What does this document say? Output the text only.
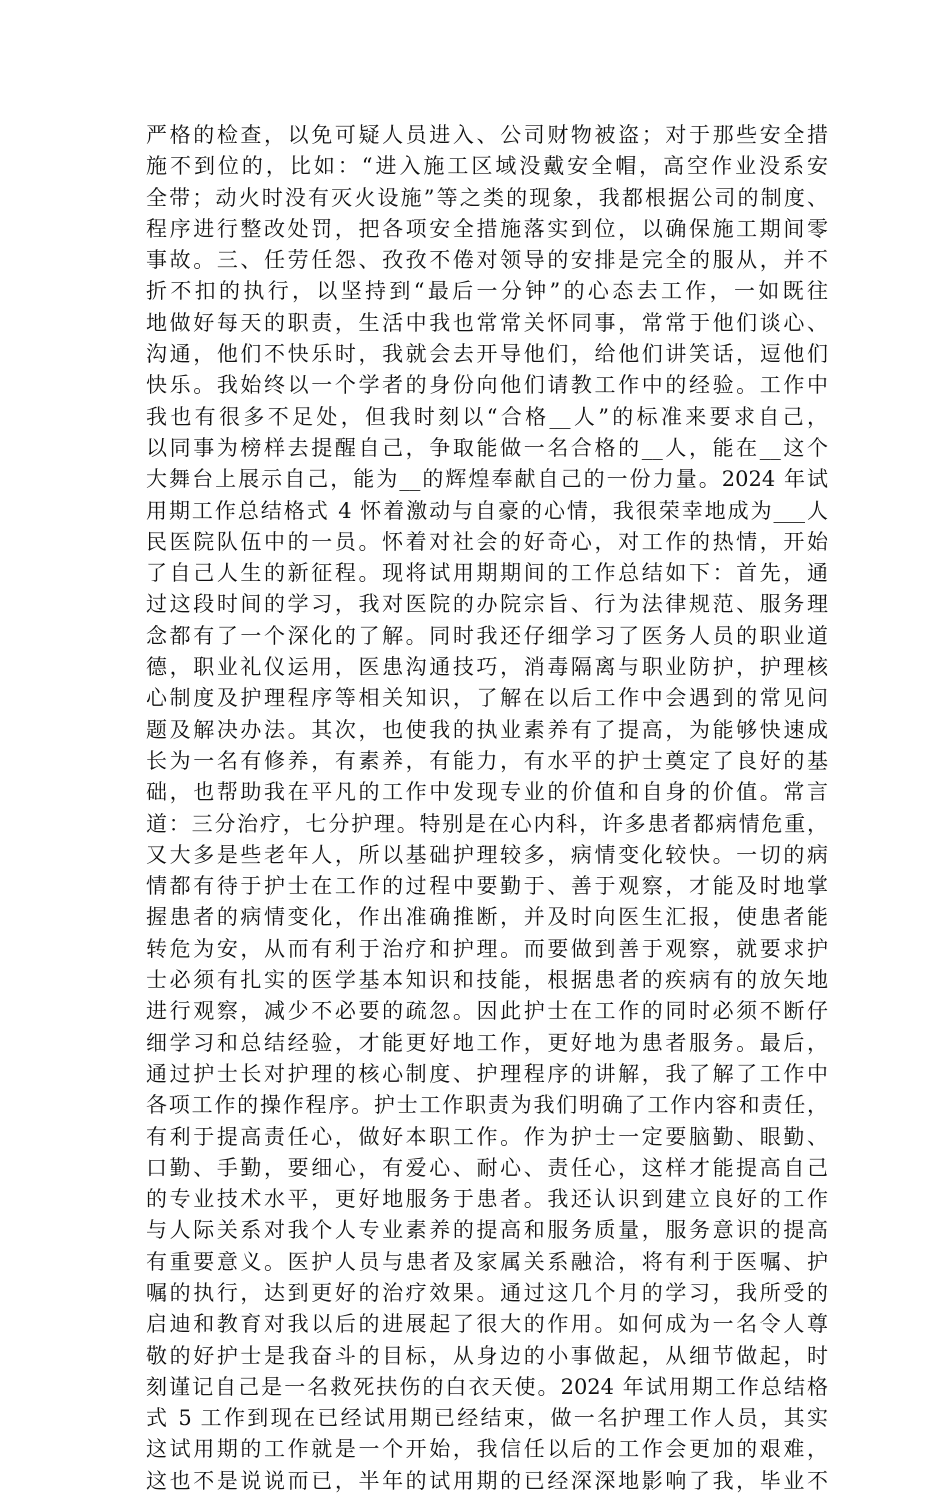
严格的检查，以免可疑人员进入、公司财物被盗；对于那些安全措
施不到位的，比如：“进入施工区域没戴安全帽，高空作业没系安
全带；动火时没有灭火设施”等之类的现象，我都根据公司的制度、
程序进行整改处罚，把各项安全措施落实到位，以确保施工期间零
事故。三、任劳任怨、孜孜不倦对领导的安排是完全的服从，并不
折不扣的执行，以坚持到“最后一分钟”的心态去工作，一如既往
地做好每天的职责，生活中我也常常关怀同事，常常于他们谈心、
沟通，他们不快乐时，我就会去开导他们，给他们讲笑话，逗他们
快乐。我始终以一个学者的身份向他们请教工作中的经验。工作中
我也有很多不足处，但我时刻以“合格__人”的标准来要求自己，
以同事为榜样去提醒自己，争取能做一名合格的__人，能在__这个
大舞台上展示自己，能为__的辉煌奉献自己的一份力量。2024 年试
用期工作总结格式 4 怀着激动与自豪的心情，我很荣幸地成为___人
民医院队伍中的一员。怀着对社会的好奇心，对工作的热情，开始
了自己人生的新征程。现将试用期期间的工作总结如下：首先，通
过这段时间的学习，我对医院的办院宗旨、行为法律规范、服务理
念都有了一个深化的了解。同时我还仔细学习了医务人员的职业道
德，职业礼仪运用，医患沟通技巧，消毒隔离与职业防护，护理核
心制度及护理程序等相关知识，了解在以后工作中会遇到的常见问
题及解决办法。其次，也使我的执业素养有了提高，为能够快速成
长为一名有修养，有素养，有能力，有水平的护士奠定了良好的基
础，也帮助我在平凡的工作中发现专业的价值和自身的价值。常言
道：三分治疗，七分护理。特别是在心内科，许多患者都病情危重，
又大多是些老年人，所以基础护理较多，病情变化较快。一切的病
情都有待于护士在工作的过程中要勤于、善于观察，才能及时地掌
握患者的病情变化，作出准确推断，并及时向医生汇报，使患者能
转危为安，从而有利于治疗和护理。而要做到善于观察，就要求护
士必须有扎实的医学基本知识和技能，根据患者的疾病有的放矢地
进行观察，减少不必要的疏忽。因此护士在工作的同时必须不断仔
细学习和总结经验，才能更好地工作，更好地为患者服务。最后，
通过护士长对护理的核心制度、护理程序的讲解，我了解了工作中
各项工作的操作程序。护士工作职责为我们明确了工作内容和责任，
有利于提高责任心，做好本职工作。作为护士一定要脑勤、眼勤、
口勤、手勤，要细心，有爱心、耐心、责任心，这样才能提高自己
的专业技术水平，更好地服务于患者。我还认识到建立良好的工作
与人际关系对我个人专业素养的提高和服务质量，服务意识的提高
有重要意义。医护人员与患者及家属关系融洽，将有利于医嘱、护
嘱的执行，达到更好的治疗效果。通过这几个月的学习，我所受的
启迪和教育对我以后的进展起了很大的作用。如何成为一名令人尊
敬的好护士是我奋斗的目标，从身边的小事做起，从细节做起，时
刻谨记自己是一名救死扶伤的白衣天使。2024 年试用期工作总结格
式 5 工作到现在已经试用期已经结束，做一名护理工作人员，其实
这试用期的工作就是一个开始，我信任以后的工作会更加的艰难，
这也不是说说而已，半年的试用期的已经深深地影响了我，毕业不
